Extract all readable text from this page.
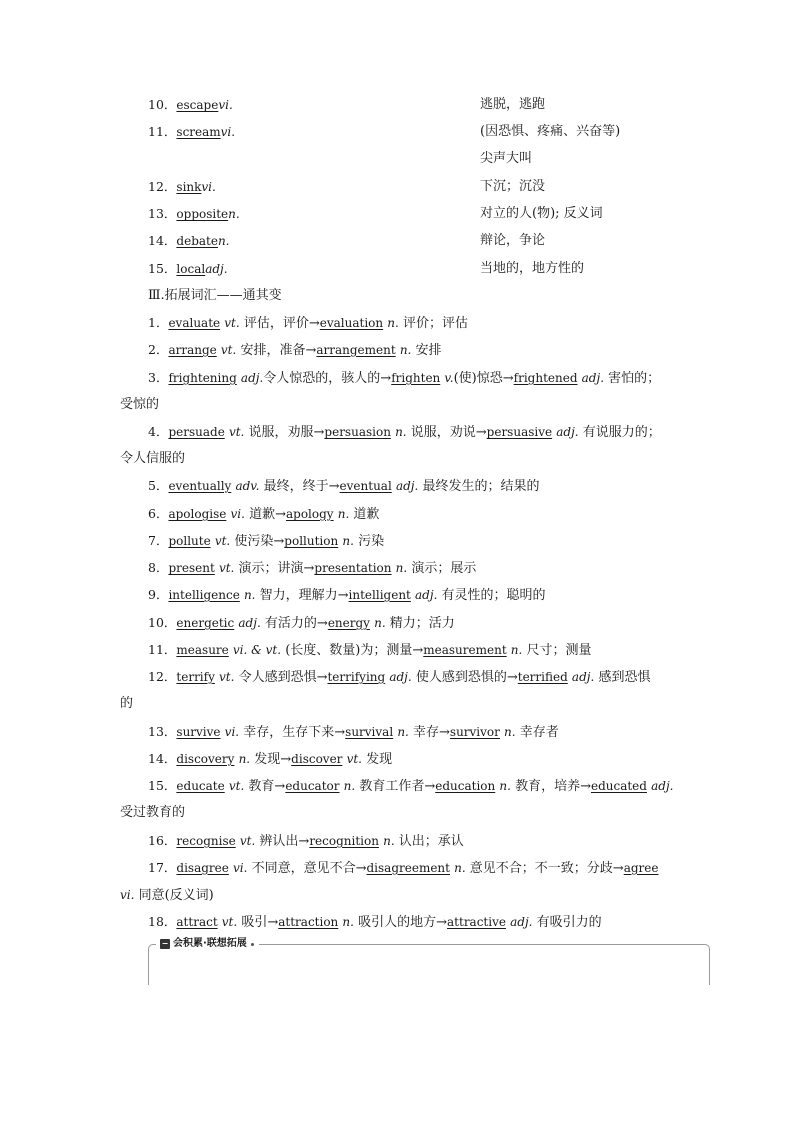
10．escapevi.	逃脱，逃跑
11．screamvi.	(因恐惧、疼痛、兴奋等)
尖声大叫
12．sinkvi.	下沉；沉没
13．oppositen.	对立的人(物); 反义词
14．debaten.	辩论，争论
15．localadj.	当地的，地方性的
Ⅲ.拓展词汇——通其变
1．evaluate vt. 评估，评价→evaluation n. 评价；评估
2．arrange vt. 安排，准备→arrangement n. 安排
3．frightening adj.令人惊恐的，骇人的→frighten v.(使)惊恐→frightened adj. 害怕的；
受惊的
4．persuade vt. 说服，劝服→persuasion n. 说服，劝说→persuasive adj. 有说服力的；
令人信服的
5．eventually adv. 最终，终于→eventual adj. 最终发生的；结果的
6．apologise vi. 道歉→apology n. 道歉
7．pollute vt. 使污染→pollution n. 污染
8．present vt. 演示；讲演→presentation n. 演示；展示
9．intelligence n. 智力，理解力→intelligent adj. 有灵性的；聪明的
10．energetic adj. 有活力的→energy n. 精力；活力
11．measure vi. & vt. (长度、数量)为；测量→measurement n. 尺寸；测量
12．terrify vt. 令人感到恐惧→terrifying adj. 使人感到恐惧的→terrified adj. 感到恐惧
的
13．survive vi. 幸存，生存下来→survival n. 幸存→survivor n. 幸存者
14．discovery n. 发现→discover vt. 发现
15．educate vt. 教育→educator n. 教育工作者→education n. 教育，培养→educated adj.
受过教育的
16．recognise vt. 辨认出→recognition n. 认出；承认
17．disagree vi. 不同意，意见不合→disagreement n. 意见不合；不一致；分歧→agree
vi. 同意(反义词)
18．attract vt. 吸引→attraction n. 吸引人的地方→attractive adj. 有吸引力的
− 会积累·联想拓展
